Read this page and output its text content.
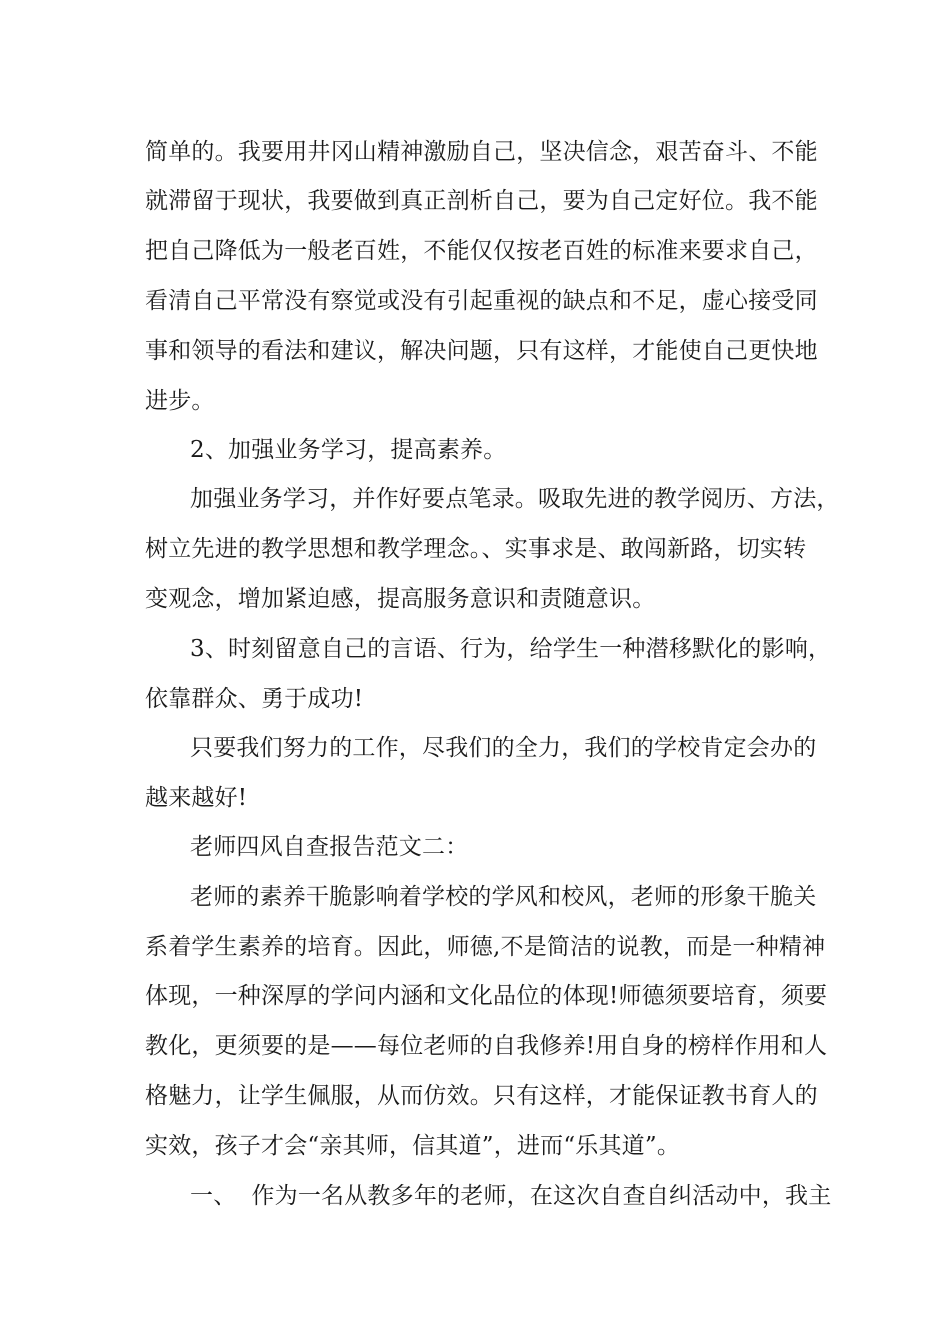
简单的。我要用井冈山精神激励自己，坚决信念，艰苦奋斗、不能
就滞留于现状，我要做到真正剖析自己，要为自己定好位。我不能
把自己降低为一般老百姓，不能仅仅按老百姓的标准来要求自己，
看清自己平常没有察觉或没有引起重视的缺点和不足，虚心接受同
事和领导的看法和建议，解决问题，只有这样，才能使自己更快地
进步。
2、加强业务学习，提高素养。
加强业务学习，并作好要点笔录。吸取先进的教学阅历、方法，
树立先进的教学思想和教学理念。、实事求是、敢闯新路，切实转
变观念，增加紧迫感，提高服务意识和责随意识。
3、时刻留意自己的言语、行为，给学生一种潜移默化的影响，
依靠群众、勇于成功!
只要我们努力的工作，尽我们的全力，我们的学校肯定会办的
越来越好!
老师四风自查报告范文二：
老师的素养干脆影响着学校的学风和校风，老师的形象干脆关
系着学生素养的培育。因此，师德,不是简洁的说教，而是一种精神
体现，一种深厚的学问内涵和文化品位的体现!师德须要培育，须要
教化，更须要的是——每位老师的自我修养!用自身的榜样作用和人
格魅力，让学生佩服，从而仿效。只有这样，才能保证教书育人的
实效，孩子才会“亲其师，信其道”，进而“乐其道”。
一、  作为一名从教多年的老师，在这次自查自纠活动中，我主
